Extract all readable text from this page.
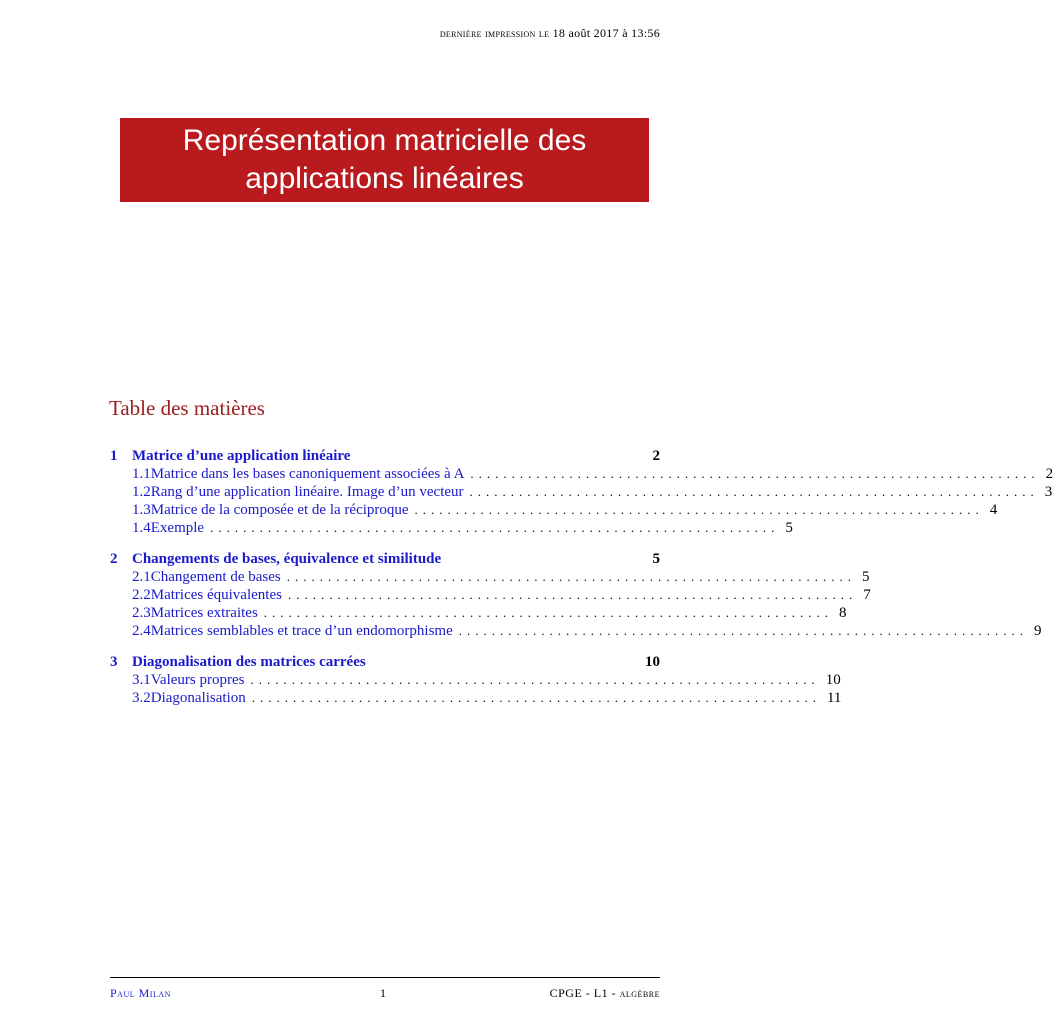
dernière impression le 18 août 2017 à 13:56
Représentation matricielle des
applications linéaires
Table des matières
1 Matrice d’une application linéaire	2
1.1 Matrice dans les bases canoniquement associées à A ..................................................................... 2
1.2 Rang d’une application linéaire. Image d’un vecteur ..................................................................... 3
1.3 Matrice de la composée et de la réciproque ..................................................................... 4
1.4 Exemple ..................................................................... 5
2 Changements de bases, équivalence et similitude	5
2.1 Changement de bases ..................................................................... 5
2.2 Matrices équivalentes ..................................................................... 7
2.3 Matrices extraites ..................................................................... 8
2.4 Matrices semblables et trace d’un endomorphisme ..................................................................... 9
3 Diagonalisation des matrices carrées	10
3.1 Valeurs propres ..................................................................... 10
3.2 Diagonalisation ..................................................................... 11
Paul Milan	1	CPGE - L1 - algèbre
